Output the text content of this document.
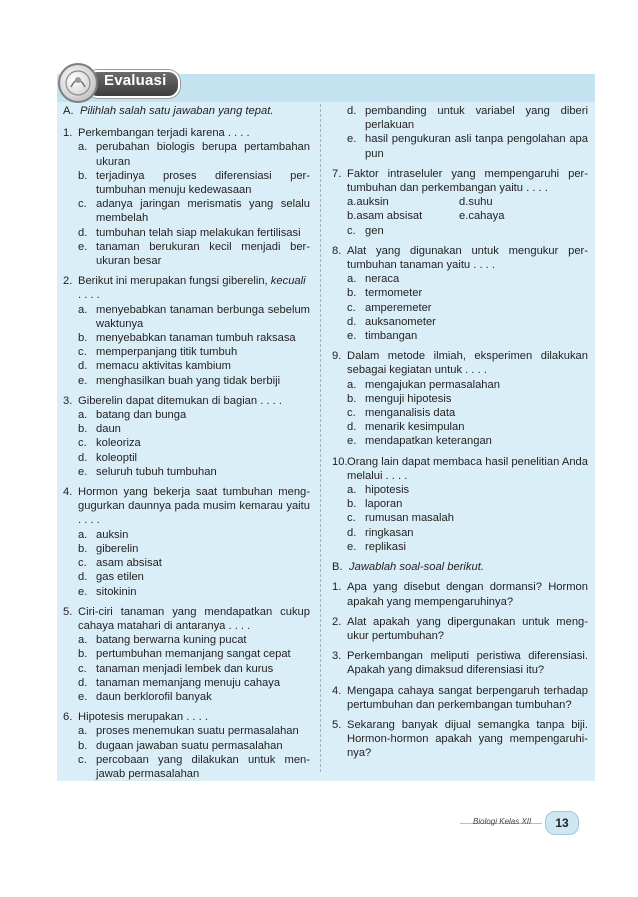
Evaluasi
A. Pilihlah salah satu jawaban yang tepat.
1. Perkembangan terjadi karena . . . .
a. perubahan biologis berupa pertambahan ukuran
b. terjadinya proses diferensiasi per-tumbuhan menuju kedewasaan
c. adanya jaringan merismatis yang selalu membelah
d. tumbuhan telah siap melakukan fertilisasi
e. tanaman berukuran kecil menjadi ber-ukuran besar
2. Berikut ini merupakan fungsi giberelin, kecuali
. . . .
a. menyebabkan tanaman berbunga sebelum waktunya
b. menyebabkan tanaman tumbuh raksasa
c. memperpanjang titik tumbuh
d. memacu aktivitas kambium
e. menghasilkan buah yang tidak berbiji
3. Giberelin dapat ditemukan di bagian . . . .
a. batang dan bunga
b. daun
c. koleoriza
d. koleoptil
e. seluruh tubuh tumbuhan
4. Hormon yang bekerja saat tumbuhan meng-gugurkan daunnya pada musim kemarau yaitu . . . .
a. auksin
b. giberelin
c. asam absisat
d. gas etilen
e. sitokinin
5. Ciri-ciri tanaman yang mendapatkan cukup cahaya matahari di antaranya . . . .
a. batang berwarna kuning pucat
b. pertumbuhan memanjang sangat cepat
c. tanaman menjadi lembek dan kurus
d. tanaman memanjang menuju cahaya
e. daun berklorofil banyak
6. Hipotesis merupakan . . . .
a. proses menemukan suatu permasalahan
b. dugaan jawaban suatu permasalahan
c. percobaan yang dilakukan untuk men-jawab permasalahan
d. pembanding untuk variabel yang diberi perlakuan
e. hasil pengukuran asli tanpa pengolahan apa pun
7. Faktor intraseluler yang mempengaruhi per-tumbuhan dan perkembangan yaitu . . . .
a. auksin	d. suhu
b. asam absisat	e. cahaya
c. gen
8. Alat yang digunakan untuk mengukur per-tumbuhan tanaman yaitu . . . .
a. neraca
b. termometer
c. amperemeter
d. auksanometer
e. timbangan
9. Dalam metode ilmiah, eksperimen dilakukan sebagai kegiatan untuk . . . .
a. mengajukan permasalahan
b. menguji hipotesis
c. menganalisis data
d. menarik kesimpulan
e. mendapatkan keterangan
10. Orang lain dapat membaca hasil penelitian Anda melalui . . . .
a. hipotesis
b. laporan
c. rumusan masalah
d. ringkasan
e. replikasi
B. Jawablah soal-soal berikut.
1. Apa yang disebut dengan dormansi? Hormon apakah yang mempengaruhinya?
2. Alat apakah yang dipergunakan untuk meng-ukur pertumbuhan?
3. Perkembangan meliputi peristiwa diferensiasi. Apakah yang dimaksud diferensiasi itu?
4. Mengapa cahaya sangat berpengaruh terhadap pertumbuhan dan perkembangan tumbuhan?
5. Sekarang banyak dijual semangka tanpa biji. Hormon-hormon apakah yang mempengaruhi-nya?
Biologi Kelas XII	13
